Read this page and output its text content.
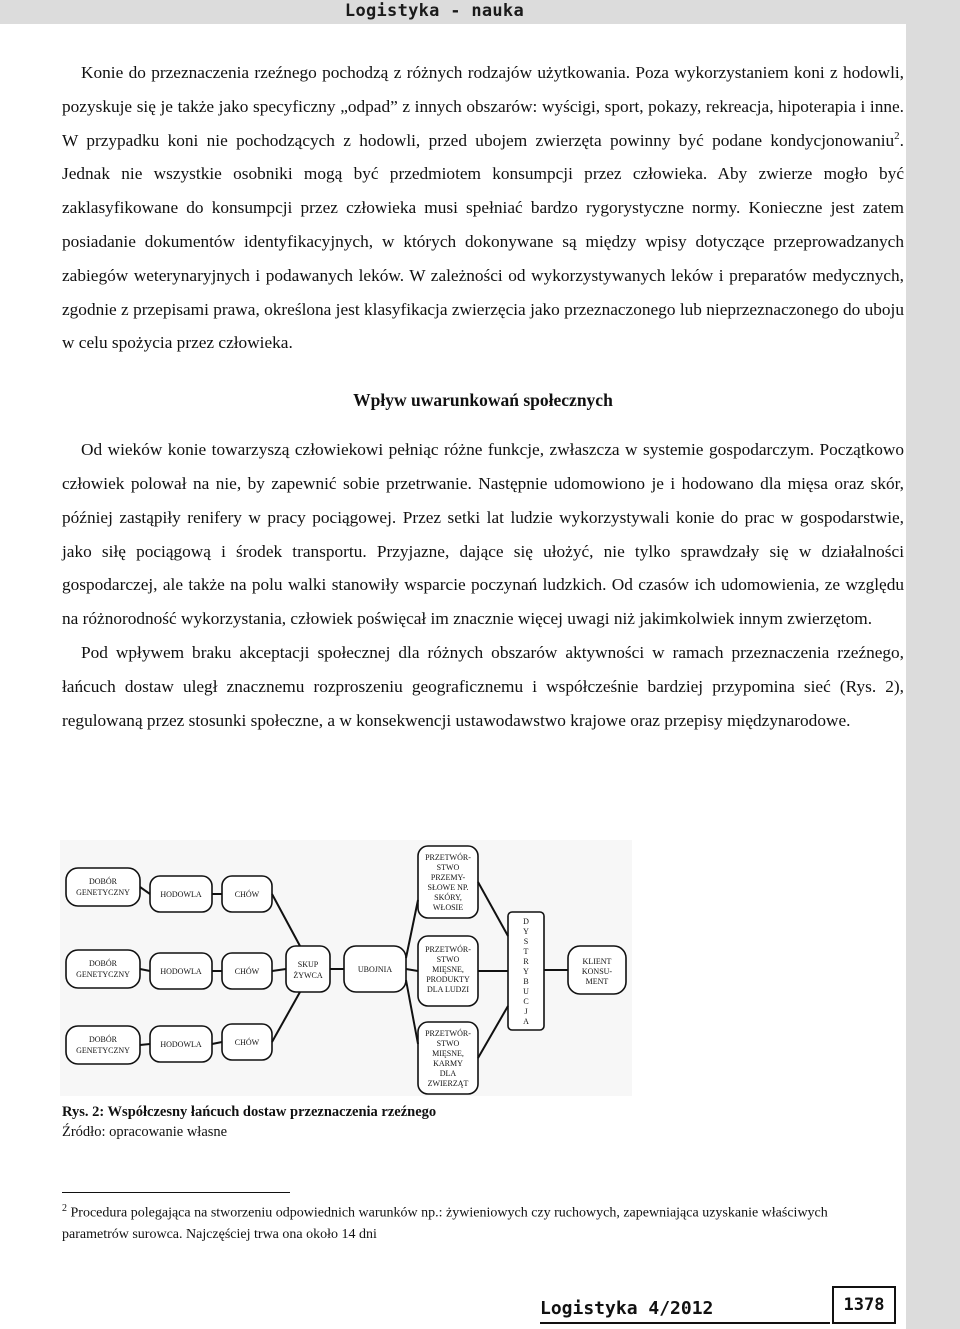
Logistyka - nauka

Konie do przeznaczenia rzeźnego pochodzą z różnych rodzajów użytkowania. Poza wykorzystaniem koni z hodowli, pozyskuje się je także jako specyficzny „odpad” z innych obszarów: wyścigi, sport, pokazy, rekreacja, hipoterapia i inne. W przypadku koni nie pochodzących z hodowli, przed ubojem zwierzęta powinny być podane kondycjonowaniu$^2$. Jednak nie wszystkie osobniki mogą być przedmiotem konsumpcji przez człowieka. Aby zwierze mogło być zaklasyfikowane do konsumpcji przez człowieka musi spełniać bardzo rygorystyczne normy. Konieczne jest zatem posiadanie dokumentów identyfikacyjnych, w których dokonywane są między wpisy dotyczące przeprowadzanych zabiegów weterynaryjnych i podawanych leków. W zależności od wykorzystywanych leków i preparatów medycznych, zgodnie z przepisami prawa, określona jest klasyfikacja zwierzęcia jako przeznaczonego lub nieprzeznaczonego do uboju w celu spożycia przez człowieka.

Wpływ uwarunkowań społecznych

Od wieków konie towarzyszą człowiekowi pełniąc różne funkcje, zwłaszcza w systemie gospodarczym. Początkowo człowiek polował na nie, by zapewnić sobie przetrwanie. Następnie udomowiono je i hodowano dla mięsa oraz skór, później zastąpiły renifery w pracy pociągowej. Przez setki lat ludzie wykorzystywali konie do prac w gospodarstwie, jako siłę pociągową i środek transportu. Przyjazne, dające się ułożyć, nie tylko sprawdzały się w działalności gospodarczej, ale także na polu walki stanowiły wsparcie poczynań ludzkich. Od czasów ich udomowienia, ze względu na różnorodność wykorzystania, człowiek poświęcał im znacznie więcej uwagi niż jakimkolwiek innym zwierzętom.

Pod wpływem braku akceptacji społecznej dla różnych obszarów aktywności w ramach przeznaczenia rzeźnego, łańcuch dostaw uległ znacznemu rozproszeniu geograficznemu i współcześnie bardziej przypomina sieć (Rys. 2), regulowaną przez stosunki społeczne, a w konsekwencji ustawodawstwo krajowe oraz przepisy międzynarodowe.

DOBÓR
GENETYCZNY
DOBÓR
GENETYCZNY
DOBÓR
GENETYCZNY
HODOWLA
HODOWLA
HODOWLA
CHÓW
CHÓW
CHÓW
SKUP
ŻYWCA
UBOJNIA
PRZETWÓR-
STWO
PRZEMY-
SŁOWE NP.
SKÓRY,
WŁOSIE
PRZETWÓR-
STWO
MIĘSNE,
PRODUKTY
DLA LUDZI
PRZETWÓR-
STWO
MIĘSNE,
KARMY
DLA
ZWIERZĄT
D
Y
S
T
R
Y
B
U
C
J
A
KLIENT
KONSU-
MENT
Rys. 2: Współczesny łańcuch dostaw przeznaczenia rzeźnego
Źródło: opracowanie własne
$^2$ Procedura polegająca na stworzeniu odpowiednich warunków np.: żywieniowych czy ruchowych, zapewniająca uzyskanie właściwych parametrów surowca. Najczęściej trwa ona około 14 dni
Logistyka 4/2012	1378
